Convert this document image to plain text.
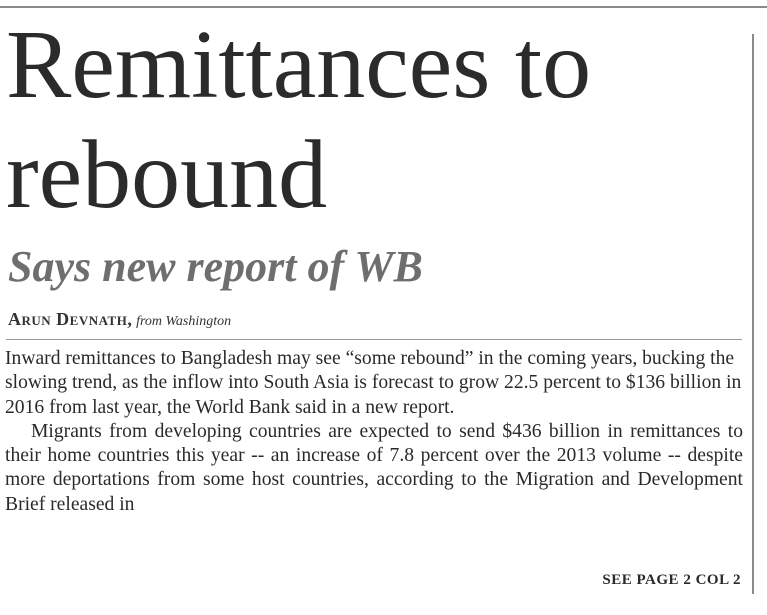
Remittances to rebound
Says new report of WB
Arun Devnath, from Washington

Inward remittances to Bangladesh may see “some rebound” in the coming years, bucking the slowing trend, as the inflow into South Asia is forecast to grow 22.5 percent to $136 billion in 2016 from last year, the World Bank said in a new report.

Migrants from developing countries are expected to send $436 billion in remittances to their home countries this year -- an increase of 7.8 percent over the 2013 volume -- despite more deportations from some host countries, according to the Migration and Development Brief released in

SEE PAGE 2 COL 2
